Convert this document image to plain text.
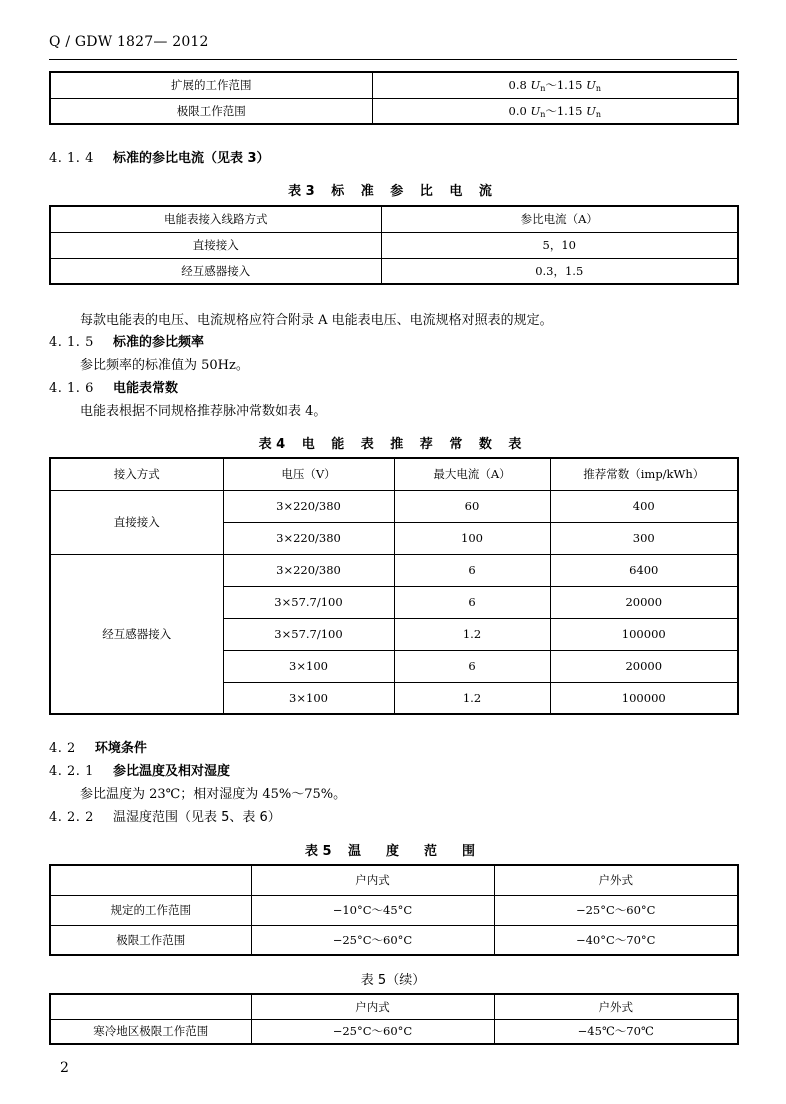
Q / GDW 1827— 2012
扩展的工作范围	0.8 $U_n\sim 1.15$ $U_n$
极限工作范围	0.0 $U_n\sim 1.15$ $U_n$
4. 1. 4 标准的参比电流（见表 3）
表 3 标 准 参 比 电 流
电能表接入线路方式	参比电流（A）
直接接入	5，10
经互感器接入	0.3，1.5
每款电能表的电压、电流规格应符合附录 A 电能表电压、电流规格对照表的规定。
4. 1. 5 标准的参比频率
参比频率的标准值为 50Hz。
4. 1. 6 电能表常数
电能表根据不同规格推荐脉冲常数如表 4。
表 4 电 能 表 推 荐 常 数 表
接入方式	电压（V）	最大电流（A）	推荐常数（imp/kWh）
直接接入	3×220/380	60	400
	3×220/380	100	300
经互感器接入	3×220/380	6	6400
	3×57.7/100	6	20000
	3×57.7/100	1.2	100000
	3×100	6	20000
	3×100	1.2	100000
4. 2 环境条件
4. 2. 1 参比温度及相对湿度
参比温度为 23℃；相对湿度为 45%～75%。
4. 2. 2 温湿度范围（见表 5、表 6）
表 5 温　度　范　围
	户内式	户外式
规定的工作范围	−10°C～45°C	−25°C～60°C
极限工作范围	−25°C～60°C	−40°C～70°C
表 5（续）
	户内式	户外式
寒冷地区极限工作范围	−25°C～60°C	−45℃～70℃
2
